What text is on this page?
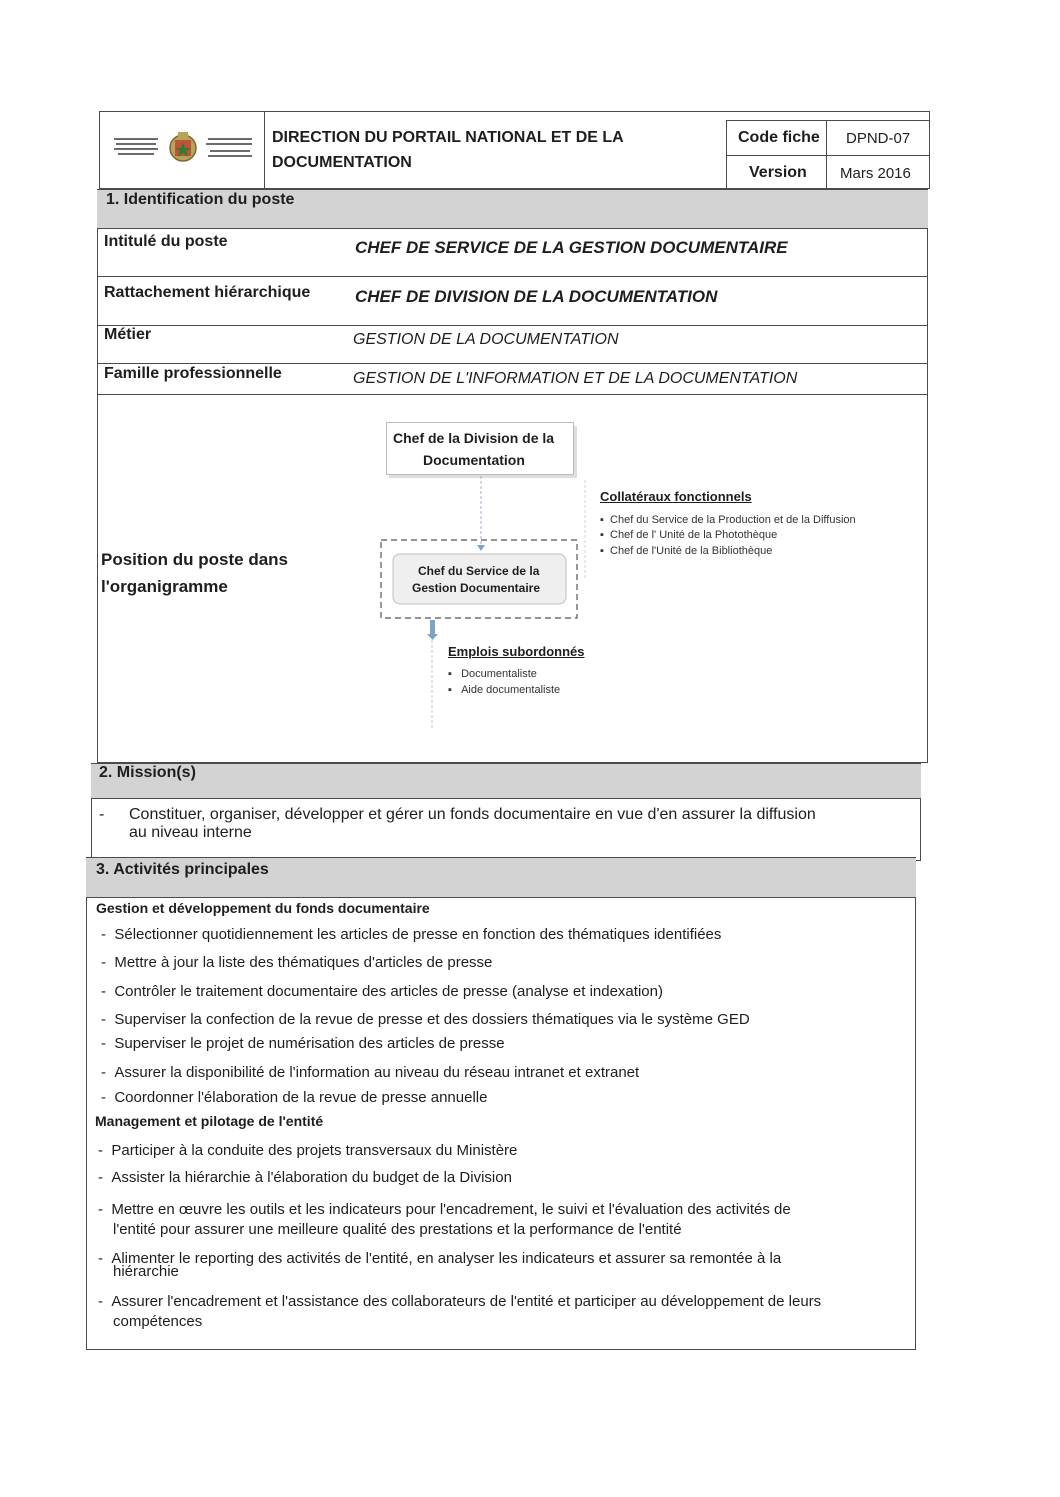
DIRECTION DU PORTAIL NATIONAL ET DE LA
DOCUMENTATION
Code fiche DPND-07
Version Mars 2016
1. Identification du poste
Intitulé du poste	CHEF DE SERVICE DE LA GESTION DOCUMENTAIRE
Rattachement hiérarchique	CHEF DE DIVISION DE LA DOCUMENTATION
Métier	GESTION DE LA DOCUMENTATION
Famille professionnelle	GESTION DE L'INFORMATION ET DE LA DOCUMENTATION
Position du poste dans
l'organigramme
Chef de la Division de la
Documentation
Chef du Service de la
Gestion Documentaire
Collatéraux fonctionnels
▪  Chef du Service de la Production et de la Diffusion
▪  Chef de l' Unité de la Photothèque
▪  Chef de l'Unité de la Bibliothèque
Emplois subordonnés
▪   Documentaliste
▪   Aide documentaliste
2. Mission(s)
- Constituer, organiser, développer et gérer un fonds documentaire en vue d'en assurer la diffusion
au niveau interne
3. Activités principales
Gestion et développement du fonds documentaire
-  Sélectionner quotidiennement les articles de presse en fonction des thématiques identifiées
-  Mettre à jour la liste des thématiques d'articles de presse
-  Contrôler le traitement documentaire des articles de presse (analyse et indexation)
-  Superviser la confection de la revue de presse et des dossiers thématiques via le système GED
-  Superviser le projet de numérisation des articles de presse
-  Assurer la disponibilité de l'information au niveau du réseau intranet et extranet
-  Coordonner l'élaboration de la revue de presse annuelle
Management et pilotage de l'entité
-  Participer à la conduite des projets transversaux du Ministère
-  Assister la hiérarchie à l'élaboration du budget de la Division
-  Mettre en œuvre les outils et les indicateurs pour l'encadrement, le suivi et l'évaluation des activités de
l'entité pour assurer une meilleure qualité des prestations et la performance de l'entité
-  Alimenter le reporting des activités de l'entité, en analyser les indicateurs et assurer sa remontée à la
hiérarchie
-  Assurer l'encadrement et l'assistance des collaborateurs de l'entité et participer au développement de leurs
compétences
